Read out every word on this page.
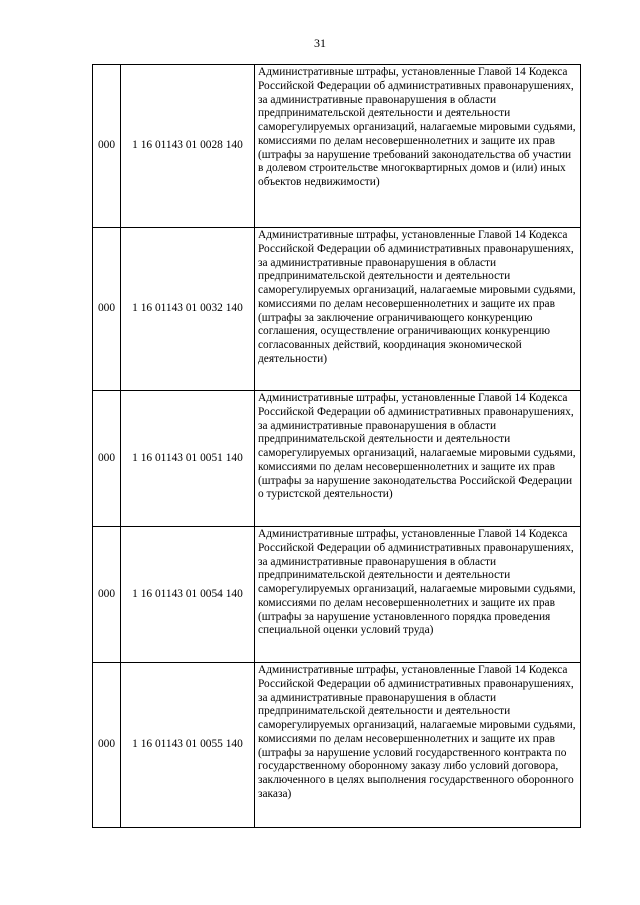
31
000	1 16 01143 01 0028 140	Административные штрафы, установленные Главой 14 Кодекса Российской Федерации об административных правонарушениях, за административные правонарушения в области предпринимательской деятельности и деятельности саморегулируемых организаций, налагаемые мировыми судьями, комиссиями по делам несовершеннолетних и защите их прав (штрафы за нарушение требований законодательства об участии в долевом строительстве многоквартирных домов и (или) иных объектов недвижимости)
000	1 16 01143 01 0032 140	Административные штрафы, установленные Главой 14 Кодекса Российской Федерации об административных правонарушениях, за административные правонарушения в области предпринимательской деятельности и деятельности саморегулируемых организаций, налагаемые мировыми судьями, комиссиями по делам несовершеннолетних и защите их прав (штрафы за заключение ограничивающего конкуренцию соглашения, осуществление ограничивающих конкуренцию согласованных действий, координация экономической деятельности)
000	1 16 01143 01 0051 140	Административные штрафы, установленные Главой 14 Кодекса Российской Федерации об административных правонарушениях, за административные правонарушения в области предпринимательской деятельности и деятельности саморегулируемых организаций, налагаемые мировыми судьями, комиссиями по делам несовершеннолетних и защите их прав (штрафы за нарушение законодательства Российской Федерации о туристской деятельности)
000	1 16 01143 01 0054 140	Административные штрафы, установленные Главой 14 Кодекса Российской Федерации об административных правонарушениях, за административные правонарушения в области предпринимательской деятельности и деятельности саморегулируемых организаций, налагаемые мировыми судьями, комиссиями по делам несовершеннолетних и защите их прав (штрафы за нарушение установленного порядка проведения специальной оценки условий труда)
000	1 16 01143 01 0055 140	Административные штрафы, установленные Главой 14 Кодекса Российской Федерации об административных правонарушениях, за административные правонарушения в области предпринимательской деятельности и деятельности саморегулируемых организаций, налагаемые мировыми судьями, комиссиями по делам несовершеннолетних и защите их прав (штрафы за нарушение условий государственного контракта по государственному оборонному заказу либо условий договора, заключенного в целях выполнения государственного оборонного заказа)
